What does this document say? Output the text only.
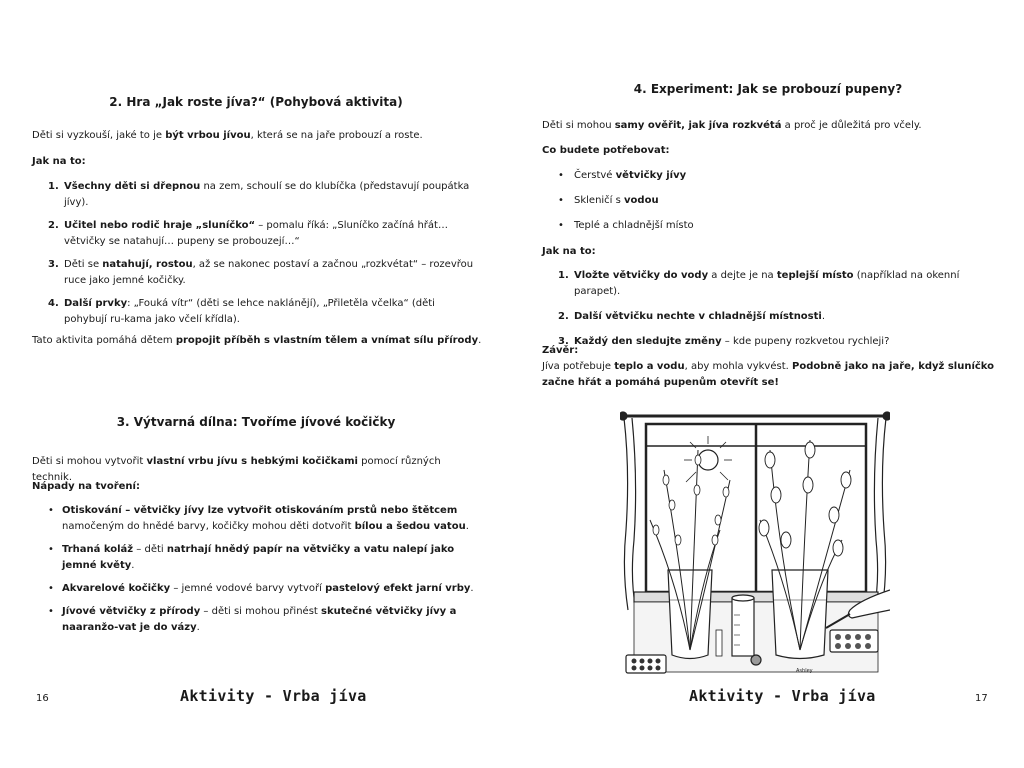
2. Hra „Jak roste jíva?“ (Pohybová aktivita)
Děti si vyzkouší, jaké to je být vrbou jívou, která se na jaře probouzí a roste.
Jak na to:
1. Všechny děti si dřepnou na zem, schoulí se do klubíčka (představují poupátka jívy).
2. Učitel nebo rodič hraje „sluníčko“ – pomalu říká: „Sluníčko začíná hřát… větvičky se natahují… pupeny se probouzejí…“
3. Děti se natahují, rostou, až se nakonec postaví a začnou „rozkvétat“ – rozevřou ruce jako jemné kočičky.
4. Další prvky: „Fouká vítr“ (děti se lehce naklánějí), „Přiletěla včelka“ (děti pohybují ru-kama jako včelí křídla).
Tato aktivita pomáhá dětem propojit příběh s vlastním tělem a vnímat sílu přírody.
3. Výtvarná dílna: Tvoříme jívové kočičky
Děti si mohou vytvořit vlastní vrbu jívu s hebkými kočičkami pomocí různých technik.
Nápady na tvoření:
• Otiskování – větvičky jívy lze vytvořit otiskováním prstů nebo štětcem namočeným do hnědé barvy, kočičky mohou děti dotvořit bílou a šedou vatou.
• Trhaná koláž – děti natrhají hnědý papír na větvičky a vatu nalepí jako jemné květy.
• Akvarelové kočičky – jemné vodové barvy vytvoří pastelový efekt jarní vrby.
• Jívové větvičky z přírody – děti si mohou přinést skutečné větvičky jívy a naaranžo-vat je do vázy.
16	Aktivity - Vrba jíva
4. Experiment: Jak se probouzí pupeny?
Děti si mohou samy ověřit, jak jíva rozkvétá a proč je důležitá pro včely.
Co budete potřebovat:
•	Čerstvé větvičky jívy
•	Skleničí s vodou
•	Teplé a chladnější místo
Jak na to:
1. Vložte větvičky do vody a dejte je na teplejší místo (například na okenní parapet).
2. Další větvičku nechte v chladnější místnosti.
3. Každý den sledujte změny – kde pupeny rozkvetou rychleji?
Závěr:
Jíva potřebuje teplo a vodu, aby mohla vykvést. Podobně jako na jaře, když sluníčko začne hřát a pomáhá pupenům otevřít se!
17
Aktivity - Vrba jíva
Ashley
